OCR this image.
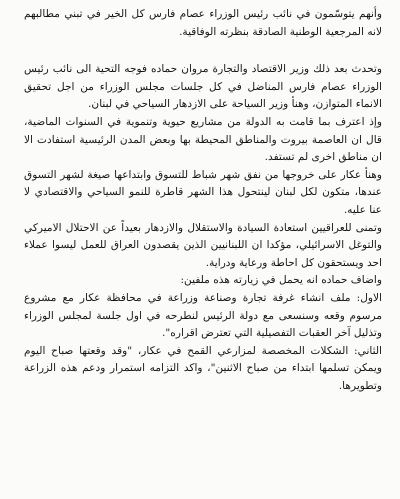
وأنهم يتوسّمون في نائب رئيس الوزراء عصام فارس كل الخير في تبني مطالبهم لانه المرجعية الوطنية الصادقة بنظرته الوفاقية.

وتحدث بعد ذلك وزير الاقتصاد والتجارة مروان حماده فوجه التحية الى نائب رئيس الوزراء عصام فارس المناضل في كل جلسات مجلس الوزراء من اجل تحقيق الانماء المتوازن، وهنأ وزير السياحة على الازدهار السياحي في لبنان.

وإذ اعترف بما قامت به الدولة من مشاريع حيوية وتنموية في السنوات الماضية، قال ان العاصمة بيروت والمناطق المحيطة بها وبعض المدن الرئيسية استفادت الا ان مناطق اخرى لم تستفد.

وهنأ عكار على خروجها من نفق شهر شباط للتسوق وابتداعها صيغة لشهر التسوق عندها، متكون لكل لبنان لينتحول هذا الشهر قاطرة للنمو السياحي والاقتصادي لا عنا عليه.

وتمنى للعراقيين استعادة السيادة والاستقلال والازدهار بعيداً عن الاحتلال الاميركي والتوغل الاسرائيلي، مؤكدا ان اللبنانيين الذين يقصدون العراق للعمل ليسوا عملاء احد ويستحقون كل احاطة ورعاية ودراية.

واضاف حماده انه يحمل في زيارته هذه ملفين:

الاول: ملف انشاء غرفة تجارة وصناعة وزراعة في محافظة عكار مع مشروع مرسوم وقعه وسنسعى مع دولة الرئيس لنطرحه في اول جلسة لمجلس الوزراء وتذليل آخر العقبات التفصيلية التي تعترض اقراره".

الثاني: الشكلات المخصصة لمزارعي القمح في عكار، "وقد وقعتها صباح اليوم ويمكن تسلمها ابتداء من صباح الاثنين"، واكد التزامه استمرار ودعم هذه الزراعة وتطويرها.
